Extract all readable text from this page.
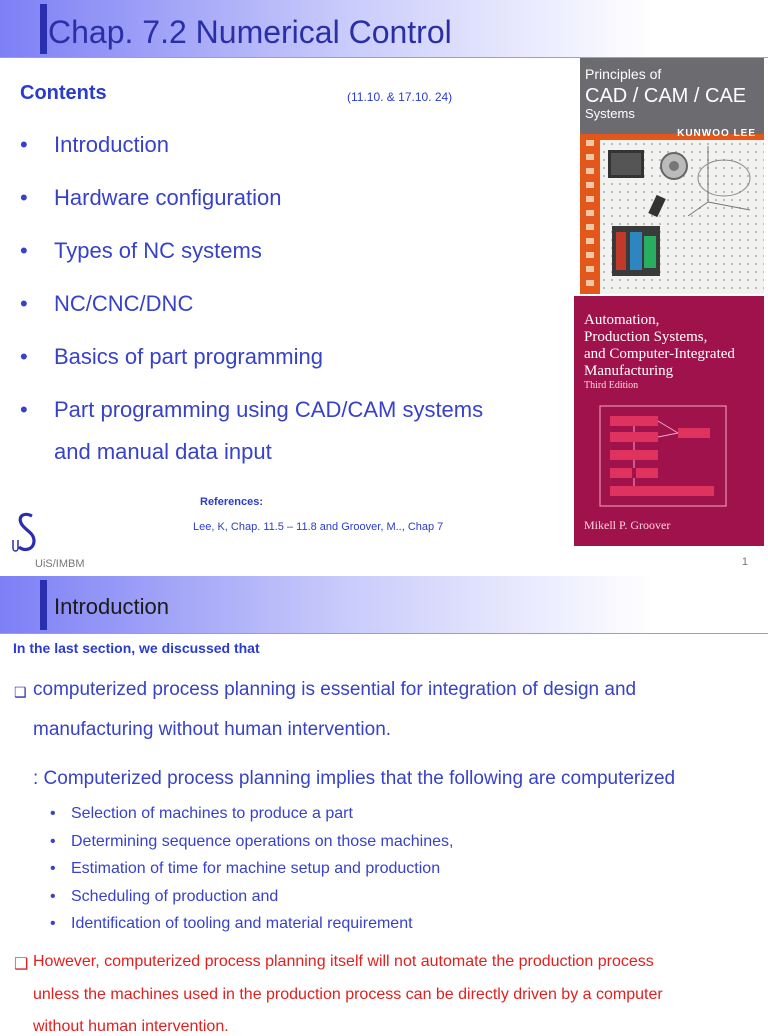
Chap. 7.2 Numerical Control
Contents	(11.10. & 17.10. 24)
• Introduction
• Hardware configuration
• Types of NC systems
• NC/CNC/DNC
• Basics of part programming
• Part programming using CAD/CAM systems
and manual data input
References:
Lee, K, Chap. 11.5 – 11.8 and Groover, M.., Chap 7
UiS/IMBM	1
Principles of
CAD / CAM / CAE
Systems
KUNWOO LEE
Automation,
Production Systems,
and Computer-Integrated
Manufacturing
Third Edition
Mikell P. Groover
Introduction
In the last section, we discussed that
❑ computerized process planning is essential for integration of design and
manufacturing without human intervention.
: Computerized process planning implies that the following are computerized
• Selection of machines to produce a part
• Determining sequence operations on those machines,
• Estimation of time for machine setup and production
• Scheduling of production and
• Identification of tooling and material requirement
❑ However, computerized process planning itself will not automate the production process
unless the machines used in the production process can be directly driven by a computer
without human intervention.
